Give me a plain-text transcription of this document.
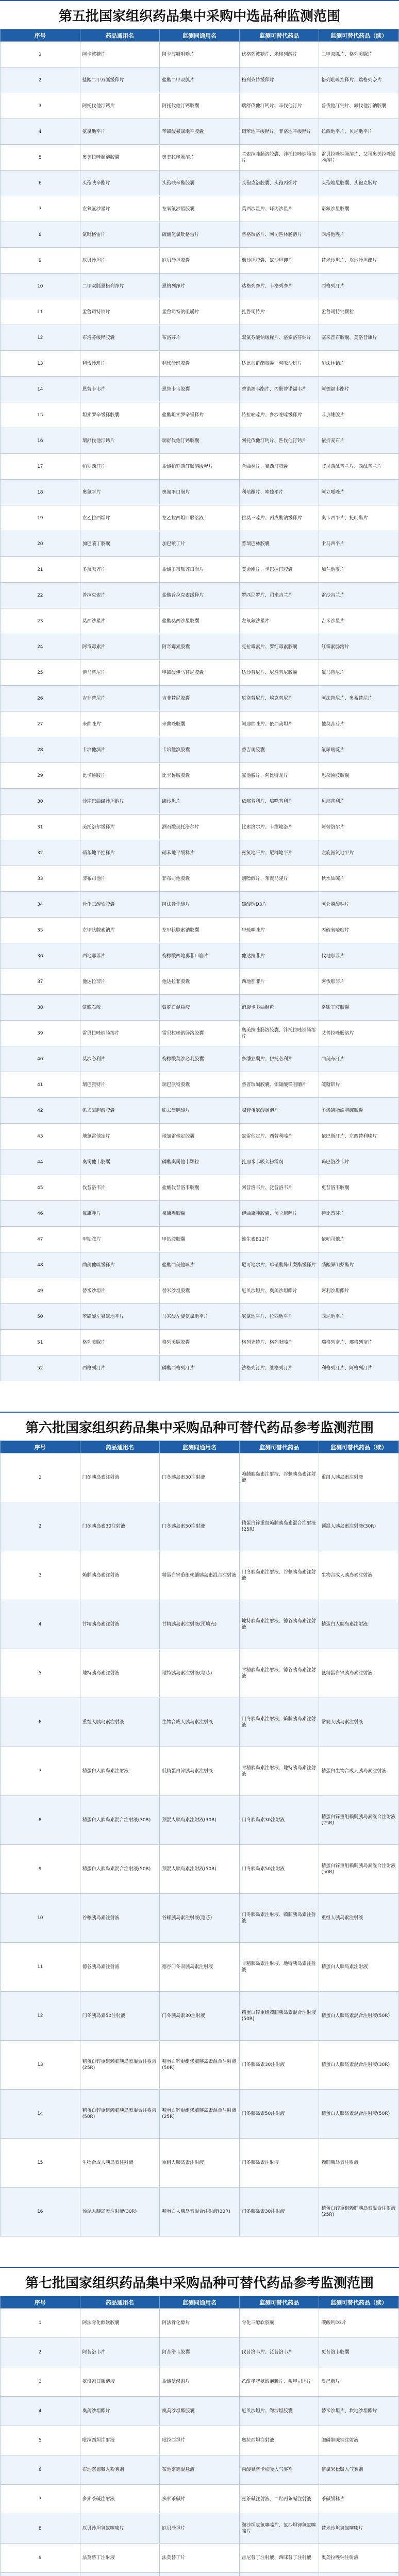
第五批国家组织药品集中采购中选品种监测范围
序号	药品通用名	监测同通用名	监测可替代药品	监测可替代药品（续）
1	阿卡波糖片	阿卡波糖咀嚼片	伏格列波糖片、米格列醇片	二甲双胍片、格列美脲片
2	盐酸二甲双胍缓释片	盐酸二甲双胍片	格列齐特缓释片	格列吡嗪控释片、瑞格列奈片
3	阿托伐他汀钙片	阿托伐他汀钙胶囊	瑞舒伐他汀钙片、辛伐他汀片	普伐他汀钠片、氟伐他汀钠胶囊
4	氨氯地平片	苯磺酸氨氯地平胶囊	硝苯地平缓释片、非洛地平缓释片	拉西地平片、贝尼地平片
5	奥美拉唑肠溶胶囊	奥美拉唑肠溶片	兰索拉唑肠溶胶囊、泮托拉唑钠肠溶片	雷贝拉唑钠肠溶片、艾司奥美拉唑镁肠溶片
6	头孢呋辛酯片	头孢呋辛酯胶囊	头孢克洛胶囊、头孢丙烯片	头孢地尼胶囊、头孢克肟片
7	左氧氟沙星片	左氧氟沙星胶囊	莫西沙星片、环丙沙星片	诺氟沙星胶囊
8	氯吡格雷片	硫酸氢氯吡格雷片	替格瑞洛片、阿司匹林肠溶片	西洛他唑片
9	厄贝沙坦片	厄贝沙坦胶囊	缬沙坦胶囊、氯沙坦钾片	替米沙坦片、坎地沙坦酯片
10	二甲双胍恩格列净片	恩格列净片	达格列净片、卡格列净片	西格列汀片
11	孟鲁司特钠片	孟鲁司特钠咀嚼片	扎鲁司特片	孟鲁司特钠颗粒
12	布洛芬缓释胶囊	布洛芬片	双氯芬酸钠缓释片、洛索洛芬钠片	塞来昔布胶囊、美洛昔康片
13	利伐沙班片	利伐沙班胶囊	达比加群酯胶囊、阿哌沙班片	华法林钠片
14	恩替卡韦片	恩替卡韦胶囊	替诺福韦酯片、丙酚替诺福韦片	阿德福韦酯片
15	坦索罗辛缓释胶囊	盐酸坦索罗辛缓释片	特拉唑嗪片、多沙唑嗪缓释片	非那雄胺片
16	瑞舒伐他汀钙片	瑞舒伐他汀钙胶囊	阿托伐他汀钙片、匹伐他汀钙片	依折麦布片
17	帕罗西汀片	盐酸帕罗西汀肠溶缓释片	舍曲林片、氟西汀胶囊	艾司西酞普兰片、西酞普兰片
18	奥氮平片	奥氮平口崩片	利培酮片、喹硫平片	阿立哌唑片
19	左乙拉西坦片	左乙拉西坦口服溶液	拉莫三嗪片、丙戊酸钠缓释片	奥卡西平片、托吡酯片
20	加巴喷丁胶囊	加巴喷丁片	普瑞巴林胶囊	卡马西平片
21	多奈哌齐片	盐酸多奈哌齐口崩片	美金刚片、卡巴拉汀胶囊	加兰他敏片
22	普拉克索片	盐酸普拉克索缓释片	罗匹尼罗片、司来吉兰片	雷沙吉兰片
23	莫西沙星片	盐酸莫西沙星胶囊	左氧氟沙星片	吉米沙星片
24	阿奇霉素片	阿奇霉素胶囊	克拉霉素片、罗红霉素胶囊	红霉素肠溶片
25	伊马替尼片	甲磺酸伊马替尼胶囊	达沙替尼片、尼洛替尼胶囊	氟马替尼片
26	吉非替尼片	吉非替尼胶囊	厄洛替尼片、埃克替尼片	阿法替尼片、奥希替尼片
27	来曲唑片	来曲唑胶囊	阿那曲唑片、依西美坦片	他莫昔芬片
28	卡培他滨片	卡培他滨胶囊	替吉奥胶囊	氟尿嘧啶片
29	比卡鲁胺片	比卡鲁胺胶囊	氟他胺片、阿比特龙片	恩杂鲁胺胶囊
30	沙库巴曲缬沙坦钠片	缬沙坦片	依那普利片、培哚普利片	贝那普利片
31	美托洛尔缓释片	酒石酸美托洛尔片	比索洛尔片、卡维地洛片	阿替洛尔片
32	硝苯地平控释片	硝苯地平缓释片	氨氯地平片、尼群地平片	左旋氨氯地平片
33	非布司他片	非布司他胶囊	别嘌醇片、苯溴马隆片	秋水仙碱片
34	骨化三醇软胶囊	阿法骨化醇片	碳酸钙D3片	阿仑膦酸钠片
35	左甲状腺素钠片	左甲状腺素钠胶囊	甲巯咪唑片	丙硫氧嘧啶片
36	西地那非片	枸橼酸西地那非口崩片	他达拉非片	伐地那非片
37	他达拉非片	他达拉非胶囊	西地那非片	阿伐那非片
38	蒙脱石散	蒙脱石混悬液	消旋卡多曲颗粒	洛哌丁胺胶囊
39	雷贝拉唑钠肠溶片	雷贝拉唑钠肠溶胶囊	奥美拉唑肠溶胶囊、泮托拉唑钠肠溶片	艾普拉唑肠溶片
40	莫沙必利片	枸橼酸莫沙必利胶囊	多潘立酮片、伊托必利片	曲美布汀片
41	瑞巴派特片	瑞巴派特胶囊	替普瑞酮胶囊、铝碳酸镁咀嚼片	硫糖铝片
42	熊去氧胆酸胶囊	熊去氧胆酸片	腺苷蛋氨酸肠溶片	多烯磷脂酰胆碱胶囊
43	地氯雷他定片	地氯雷他定胶囊	氯雷他定片、西替利嗪片	依巴斯汀片、左西替利嗪片
44	奥司他韦胶囊	磷酸奥司他韦颗粒	扎那米韦吸入粉雾剂	玛巴洛沙韦片
45	伐昔洛韦片	盐酸伐昔洛韦胶囊	阿昔洛韦片、泛昔洛韦片	更昔洛韦胶囊
46	氟康唑片	氟康唑胶囊	伊曲康唑胶囊、伏立康唑片	特比萘芬片
47	甲钴胺片	甲钴胺胶囊	维生素B12片	依帕司他片
48	曲美他嗪缓释片	盐酸曲美他嗪片	尼可地尔片、单硝酸异山梨酯缓释片	硝酸异山梨酯片
49	替米沙坦片	替米沙坦胶囊	厄贝沙坦片、奥美沙坦酯片	阿利沙坦酯片
50	苯磺酸左氨氯地平片	马来酸左旋氨氯地平片	氨氯地平片、拉西地平片	西尼地平片
51	格列美脲片	格列美脲胶囊	格列齐特片、格列吡嗪片	瑞格列奈片、那格列奈片
52	西格列汀片	磷酸西格列汀片	沙格列汀片、维格列汀片	利格列汀片、阿格列汀片
第六批国家组织药品集中采购品种可替代药品参考监测范围
序号	药品通用名	监测同通用名	监测可替代药品	监测可替代药品（续）
1	门冬胰岛素注射液	门冬胰岛素30注射液	赖脯胰岛素注射液、谷赖胰岛素注射液	重组人胰岛素注射液
2	门冬胰岛素30注射液	门冬胰岛素50注射液	精蛋白锌重组赖脯胰岛素混合注射液(25R)	预混人胰岛素注射液(30R)
3	赖脯胰岛素注射液	精蛋白锌重组赖脯胰岛素混合注射液	门冬胰岛素注射液、谷赖胰岛素注射液	生物合成人胰岛素注射液
4	甘精胰岛素注射液	甘精胰岛素注射液(预填充)	地特胰岛素注射液、德谷胰岛素注射液	精蛋白人胰岛素注射液
5	地特胰岛素注射液	地特胰岛素注射液(笔芯)	甘精胰岛素注射液、德谷胰岛素注射液	低精蛋白锌胰岛素注射液
6	重组人胰岛素注射液	生物合成人胰岛素注射液	门冬胰岛素注射液、赖脯胰岛素注射液	常规人胰岛素注射液
7	精蛋白人胰岛素注射液	低精蛋白锌胰岛素注射液	甘精胰岛素注射液、地特胰岛素注射液	精蛋白生物合成人胰岛素注射液
8	精蛋白人胰岛素混合注射液(30R)	预混人胰岛素注射液(30R)	门冬胰岛素30注射液	精蛋白锌重组赖脯胰岛素混合注射液(25R)
9	精蛋白人胰岛素混合注射液(50R)	预混人胰岛素注射液(50R)	门冬胰岛素50注射液	精蛋白锌重组赖脯胰岛素混合注射液(50R)
10	谷赖胰岛素注射液	谷赖胰岛素注射液(笔芯)	门冬胰岛素注射液、赖脯胰岛素注射液	重组人胰岛素注射液
11	德谷胰岛素注射液	德谷门冬双胰岛素注射液	甘精胰岛素注射液、地特胰岛素注射液	精蛋白人胰岛素注射液
12	门冬胰岛素50注射液	门冬胰岛素30注射液	精蛋白锌重组赖脯胰岛素混合注射液(50R)	精蛋白人胰岛素混合注射液(50R)
13	精蛋白锌重组赖脯胰岛素混合注射液(25R)	精蛋白锌重组赖脯胰岛素混合注射液(50R)	门冬胰岛素30注射液	精蛋白人胰岛素混合注射液(30R)
14	精蛋白锌重组赖脯胰岛素混合注射液(50R)	精蛋白锌重组赖脯胰岛素混合注射液(25R)	门冬胰岛素50注射液	精蛋白人胰岛素混合注射液(50R)
15	生物合成人胰岛素注射液	重组人胰岛素注射液	门冬胰岛素注射液	赖脯胰岛素注射液
16	预混人胰岛素注射液(30R)	精蛋白人胰岛素混合注射液(30R)	门冬胰岛素30注射液	精蛋白锌重组赖脯胰岛素混合注射液(25R)
第七批国家组织药品集中采购品种可替代药品参考监测范围
序号	药品通用名	监测同通用名	监测可替代药品	监测可替代药品（续）
1	阿法骨化醇软胶囊	阿法骨化醇片	骨化三醇软胶囊	碳酸钙D3片
2	阿昔洛韦片	阿昔洛韦胶囊	伐昔洛韦片、泛昔洛韦片	更昔洛韦胶囊
3	氨溴索口服溶液	盐酸氨溴索片	乙酰半胱氨酸泡腾片、羧甲司坦片	溴己新片
4	奥美沙坦酯片	奥美沙坦酯胶囊	厄贝沙坦片、缬沙坦胶囊	替米沙坦片、坎地沙坦酯片
5	吡拉西坦注射液	吡拉西坦片	奥拉西坦注射液	胞磷胆碱钠注射液
6	布地奈德吸入粉雾剂	布地奈德混悬液	丙酸氟替卡松吸入气雾剂	倍氯米松吸入气雾剂
7	多索茶碱注射液	多索茶碱片	氨茶碱注射液、二羟丙茶碱注射液	茶碱缓释片
8	厄贝沙坦氢氯噻嗪片	厄贝沙坦片	缬沙坦氢氯噻嗪片、氯沙坦钾氢氯噻嗪片	替米沙坦氢氯噻嗪片
9	法莫替丁注射液	法莫替丁片	雷尼替丁注射液、西咪替丁注射液	奥美拉唑钠注射液
